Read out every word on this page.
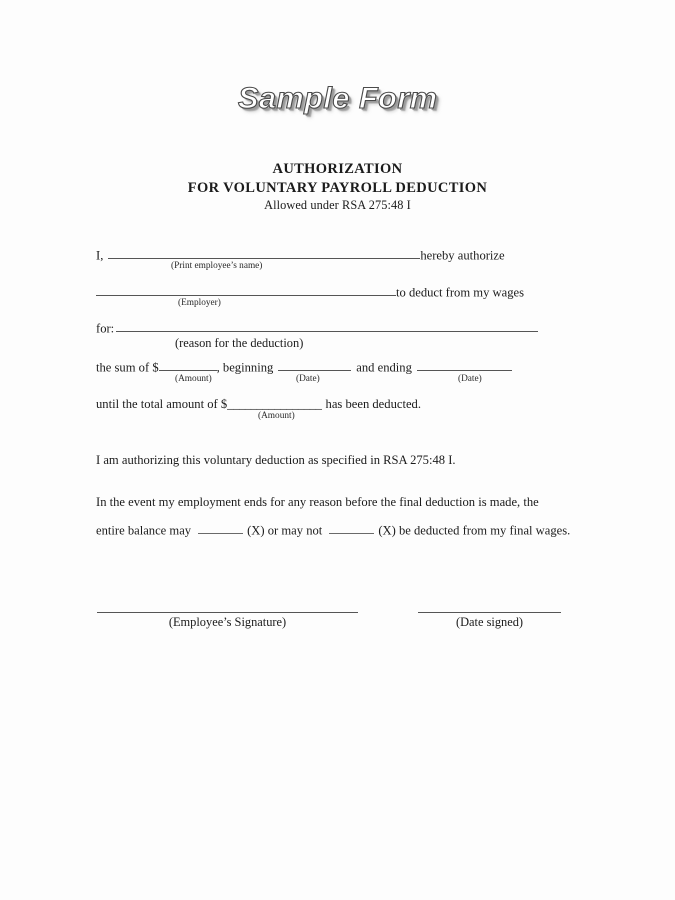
Sample Form
AUTHORIZATION
FOR VOLUNTARY PAYROLL DEDUCTION
Allowed under RSA 275:48 I
I,	hereby authorize
(Print employee’s name)
to deduct from my wages
(Employer)
for:
(reason for the deduction)
the sum of $	, beginning	and ending
(Amount)	(Date)	(Date)
until the total amount of $________________ has been deducted.
(Amount)
I am authorizing this voluntary deduction as specified in RSA 275:48 I.
In the event my employment ends for any reason before the final deduction is made, the
entire balance may	(X) or may not	(X) be deducted from my final wages.
(Employee’s Signature)	(Date signed)
